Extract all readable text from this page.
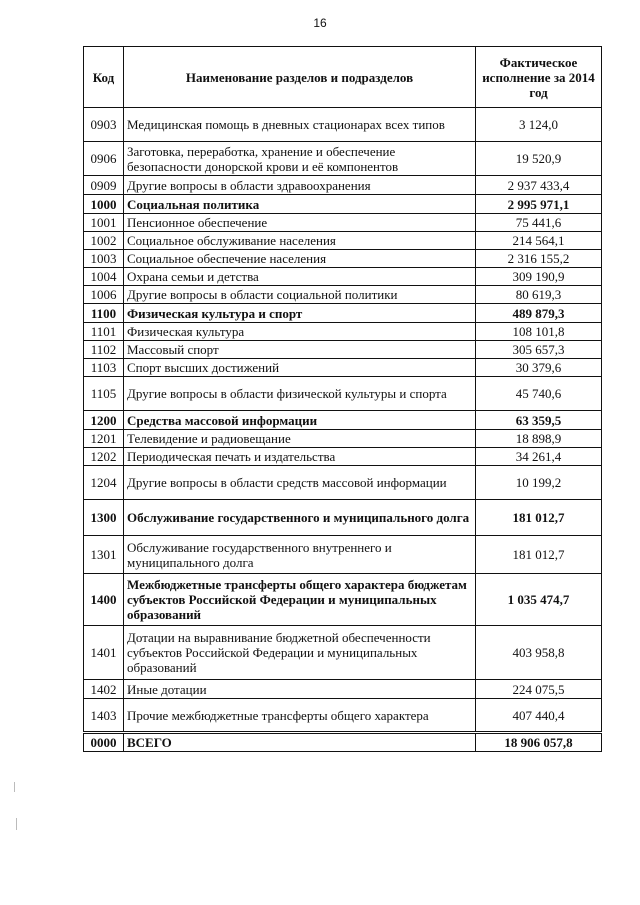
16
Код	Наименование разделов и подразделов	Фактическое исполнение за 2014 год
0903	Медицинская помощь в дневных стационарах всех типов	3 124,0
0906	Заготовка, переработка, хранение и обеспечение безопасности донорской крови и её компонентов	19 520,9
0909	Другие вопросы в области здравоохранения	2 937 433,4
1000	Социальная политика	2 995 971,1
1001	Пенсионное обеспечение	75 441,6
1002	Социальное обслуживание населения	214 564,1
1003	Социальное обеспечение населения	2 316 155,2
1004	Охрана семьи и детства	309 190,9
1006	Другие вопросы в области социальной политики	80 619,3
1100	Физическая культура и спорт	489 879,3
1101	Физическая культура	108 101,8
1102	Массовый спорт	305 657,3
1103	Спорт высших достижений	30 379,6
1105	Другие вопросы в области физической культуры и спорта	45 740,6
1200	Средства массовой информации	63 359,5
1201	Телевидение и радиовещание	18 898,9
1202	Периодическая печать и издательства	34 261,4
1204	Другие вопросы в области средств массовой информации	10 199,2
1300	Обслуживание государственного и муниципального долга	181 012,7
1301	Обслуживание государственного внутреннего и муниципального долга	181 012,7
1400	Межбюджетные трансферты общего характера бюджетам субъектов Российской Федерации и муниципальных образований	1 035 474,7
1401	Дотации на выравнивание бюджетной обеспеченности субъектов Российской Федерации и муниципальных образований	403 958,8
1402	Иные дотации	224 075,5
1403	Прочие межбюджетные трансферты общего характера	407 440,4
0000	ВСЕГО	18 906 057,8
